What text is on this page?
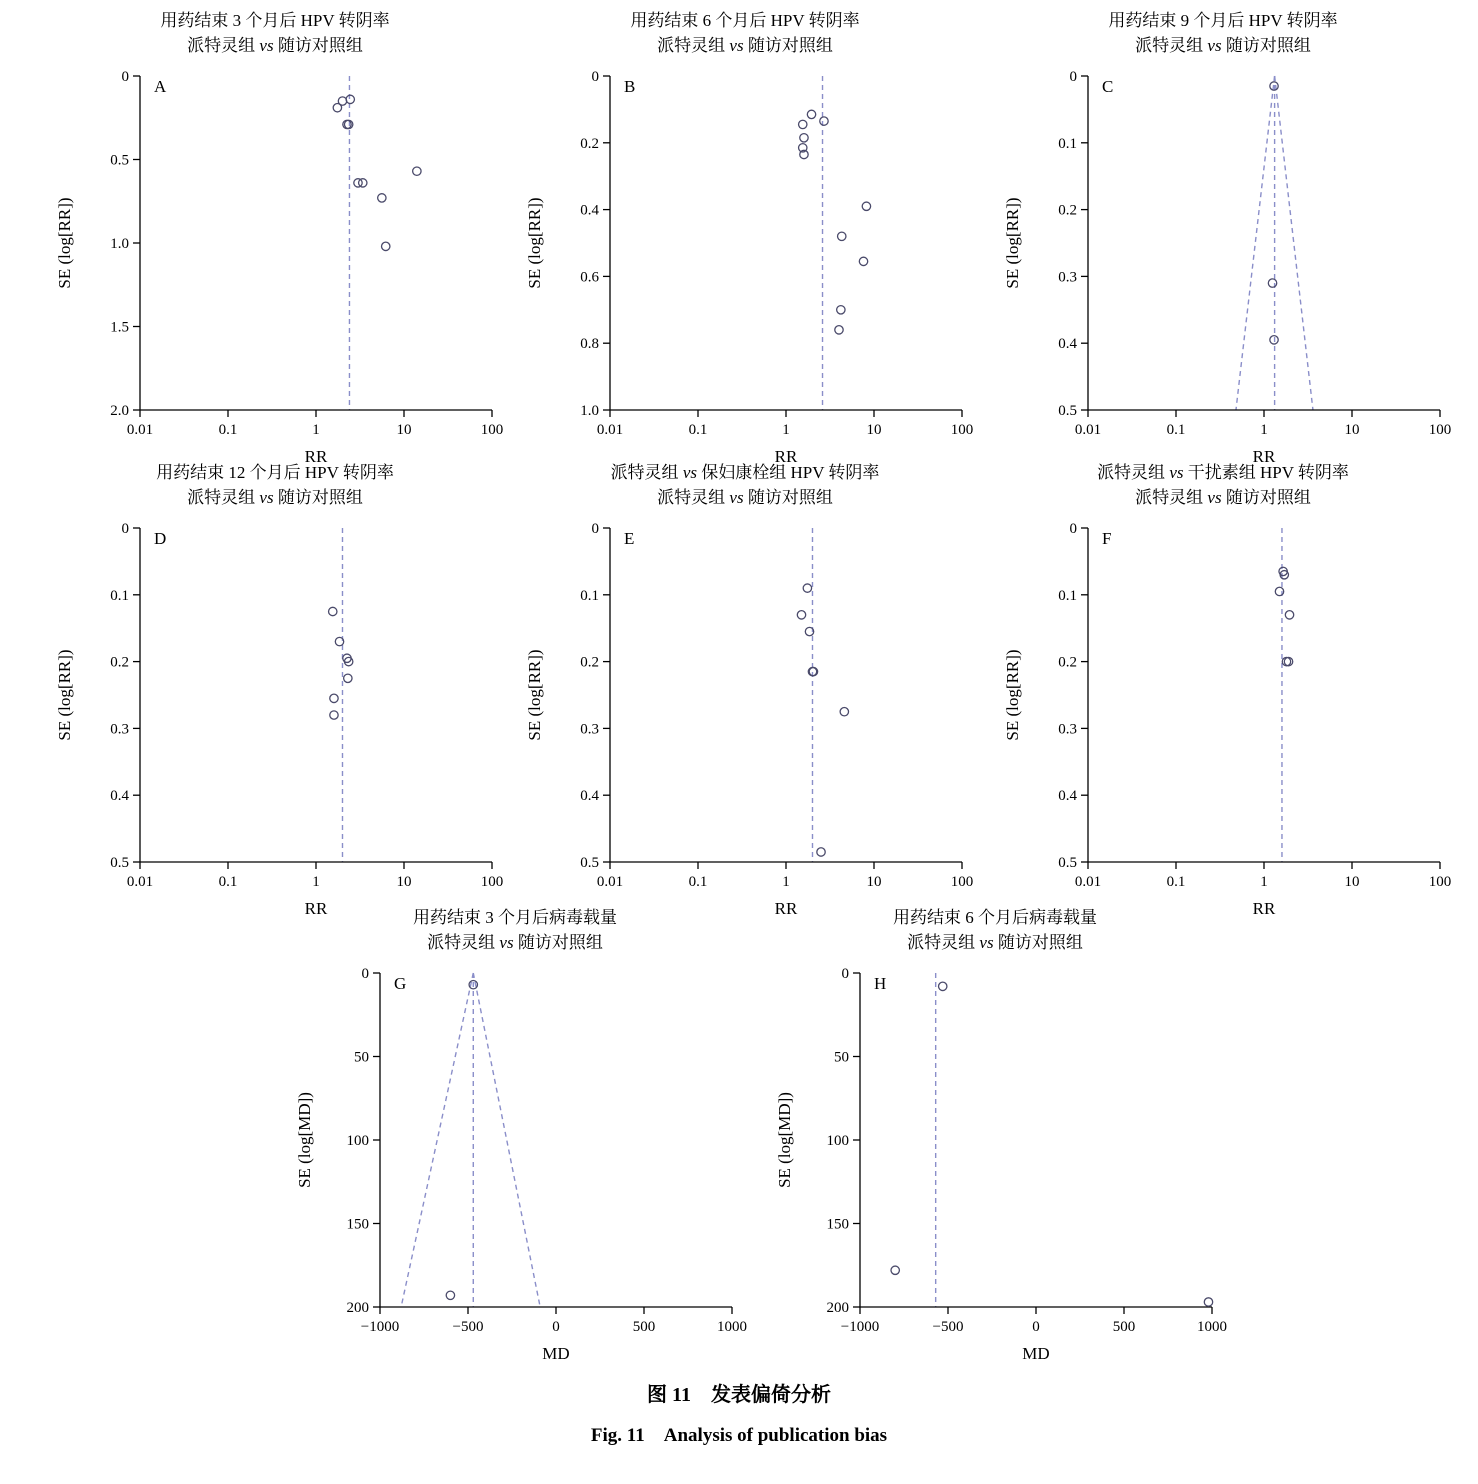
用药结束 3 个月后 HPV 转阴率
派特灵组 vs 随访对照组
0
0.5
1.0
1.5
2.0
0.01	0.1	1	10	100
RR
SE (log[RR])
A
用药结束 6 个月后 HPV 转阴率
派特灵组 vs 随访对照组
0
0.2
0.4
0.6
0.8
1.0
0.01	0.1	1	10	100
RR
SE (log[RR])
B
用药结束 9 个月后 HPV 转阴率
派特灵组 vs 随访对照组
0
0.1
0.2
0.3
0.4
0.5
0.01	0.1	1	10	100
RR
SE (log[RR])
C
用药结束 12 个月后 HPV 转阴率
派特灵组 vs 随访对照组
0
0.1
0.2
0.3
0.4
0.5
0.01	0.1	1	10	100
RR
SE (log[RR])
D
派特灵组 vs 保妇康栓组 HPV 转阴率
派特灵组 vs 随访对照组
0
0.1
0.2
0.3
0.4
0.5
0.01	0.1	1	10	100
RR
SE (log[RR])
E
派特灵组 vs 干扰素组 HPV 转阴率
派特灵组 vs 随访对照组
0
0.1
0.2
0.3
0.4
0.5
0.01	0.1	1	10	100
RR
SE (log[RR])
F
用药结束 3 个月后病毒载量
派特灵组 vs 随访对照组
0
50
100
150
200
−1000	−500	0	500	1000
MD
SE (log[MD])
G
用药结束 6 个月后病毒载量
派特灵组 vs 随访对照组
0
50
100
150
200
−1000	−500	0	500	1000
MD
SE (log[MD])
H
图 11　发表偏倚分析
Fig. 11　Analysis of publication bias
